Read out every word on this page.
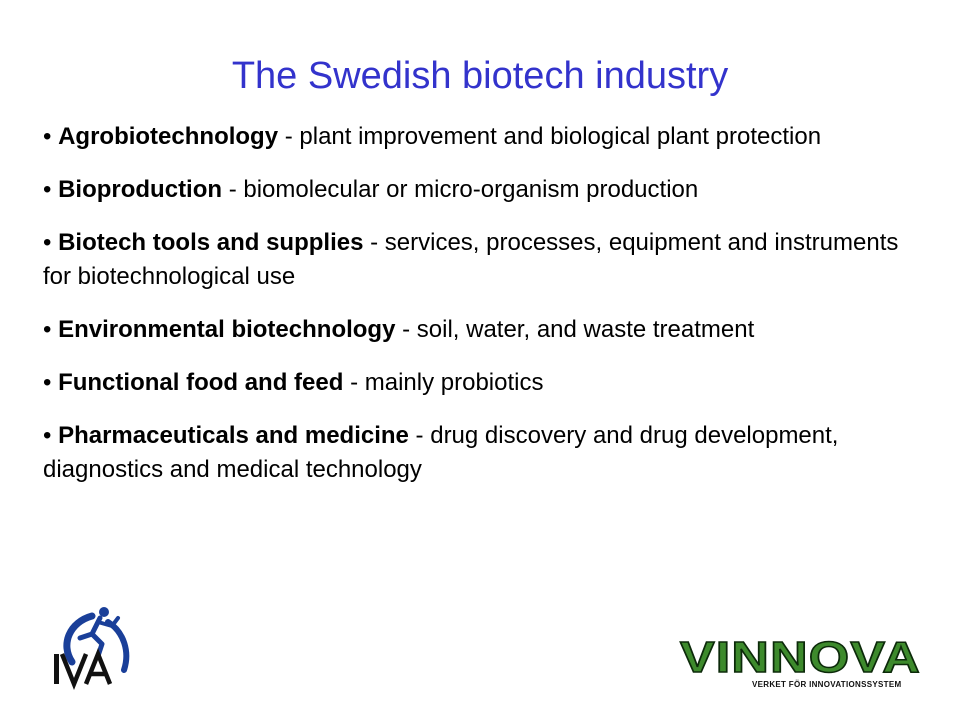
The Swedish biotech industry
• Agrobiotechnology - plant improvement and biological plant protection
• Bioproduction - biomolecular or micro-organism production
• Biotech tools and supplies - services, processes, equipment and instruments for biotechnological use
• Environmental biotechnology - soil, water, and waste treatment
• Functional food and feed - mainly probiotics
• Pharmaceuticals and medicine - drug discovery and drug development, diagnostics and medical technology
VINNOVA
VERKET FÖR INNOVATIONSSYSTEM
